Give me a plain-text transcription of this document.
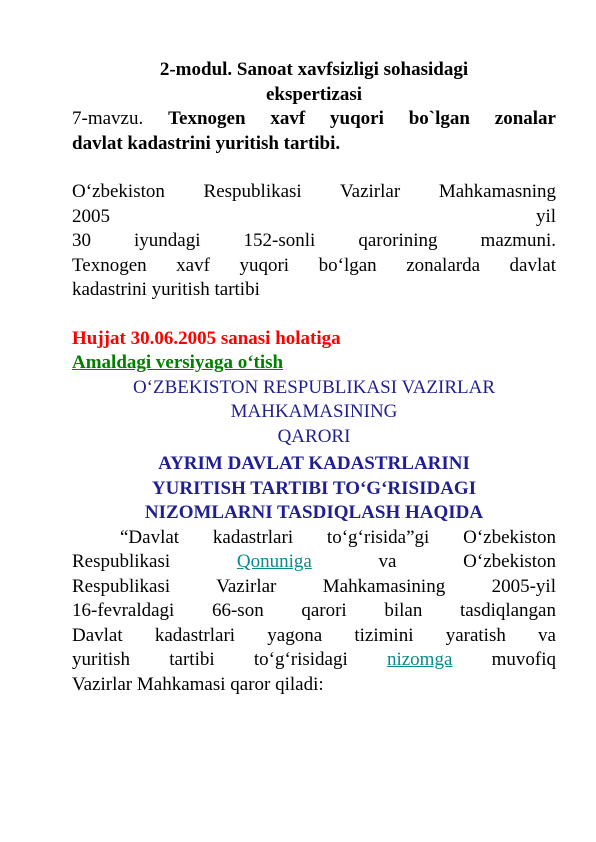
2-modul. Sanoat xavfsizligi sohasidagi
ekspertizasi
7-mavzu. Texnogen xavf yuqori bo`lgan zonalar
davlat kadastrini yuritish tartibi.
O‘zbekiston Respublikasi Vazirlar Mahkamasning
2005	yil
30 iyundagi 152-sonli qarorining mazmuni.
Texnogen xavf yuqori bo‘lgan zonalarda davlat
kadastrini yuritish tartibi
Hujjat 30.06.2005 sanasi holatiga
Amaldagi versiyaga o‘tish
O‘ZBEKISTON RESPUBLIKASI VAZIRLAR
MAHKAMASINING
QARORI
AYRIM DAVLAT KADASTRLARINI
YURITISH TARTIBI TO‘G‘RISIDAGI
NIZOMLARNI TASDIQLASH HAQIDA
“Davlat kadastrlari to‘g‘risida”gi O‘zbekiston
Respublikasi	Qonuniga	va	O‘zbekiston
Respublikasi Vazirlar Mahkamasining 2005-yil
16-fevraldagi 66-son qarori bilan tasdiqlangan
Davlat kadastrlari yagona tizimini yaratish va
yuritish tartibi to‘g‘risidagi nizomga muvofiq
Vazirlar Mahkamasi qaror qiladi:
